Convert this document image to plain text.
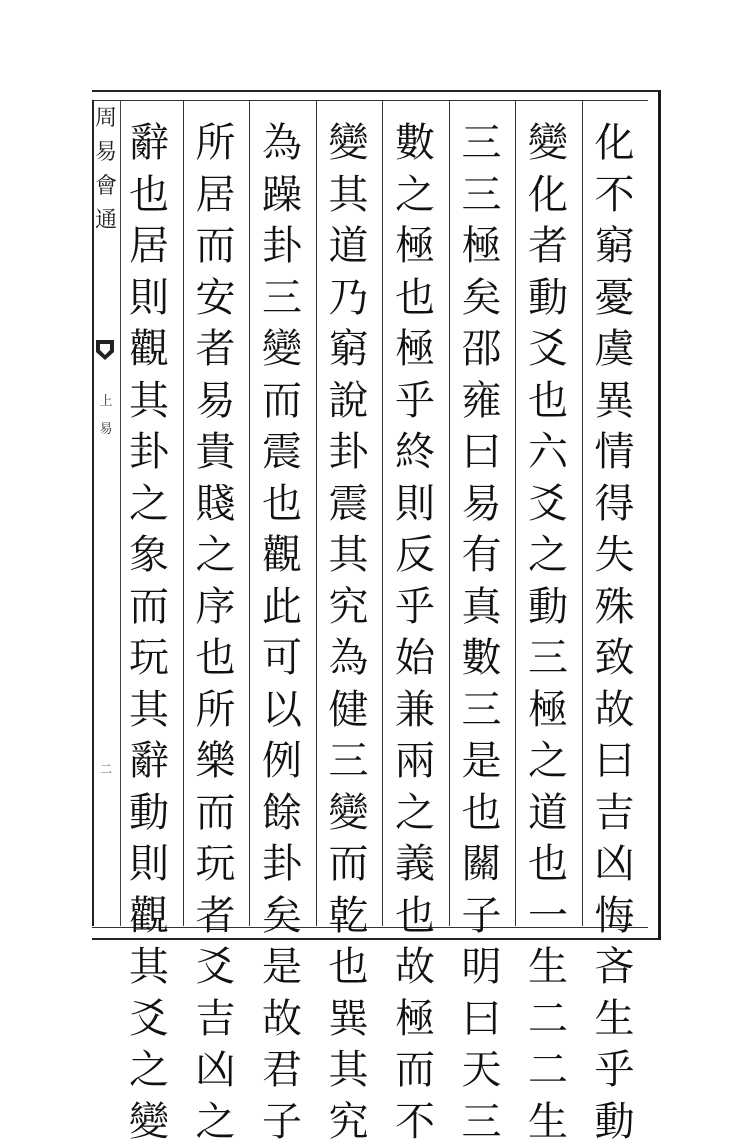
周
易
會
通
上
易
二
化
不
窮
憂
虞
異
情
得
失
殊
致
故
曰
吉
凶
悔
吝
生
乎
動
變
化
者
動
爻
也
六
爻
之
動
三
極
之
道
也
一
生
二
二
生
三
三
極
矣
邵
雍
曰
易
有
真
數
三
是
也
關
子
明
曰
天
三
數
之
極
也
極
乎
終
則
反
乎
始
兼
兩
之
義
也
故
極
而
不
變
其
道
乃
窮
說
卦
震
其
究
為
健
三
變
而
乾
也
巽
其
究
為
躁
卦
三
變
而
震
也
觀
此
可
以
例
餘
卦
矣
是
故
君
子
所
居
而
安
者
易
貴
賤
之
序
也
所
樂
而
玩
者
爻
吉
凶
之
辭
也
居
則
觀
其
卦
之
象
而
玩
其
辭
動
則
觀
其
爻
之
變
